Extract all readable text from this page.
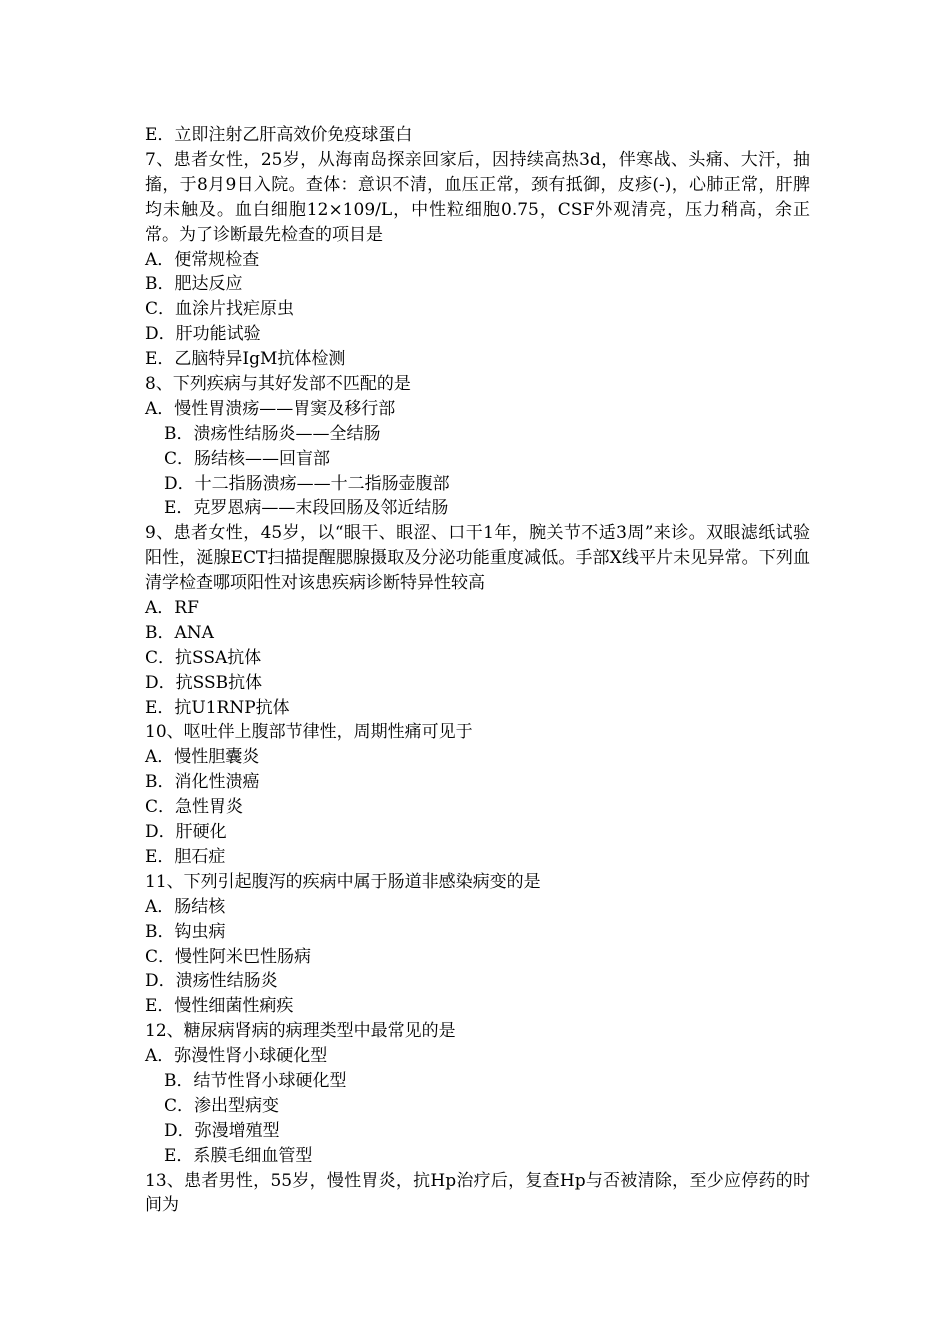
E．立即注射乙肝高效价免疫球蛋白

7、患者女性，25岁，从海南岛探亲回家后，因持续高热3d，伴寒战、头痛、大汗，抽搐，于8月9日入院。查体：意识不清，血压正常，颈有抵御，皮疹(-)，心肺正常，肝脾均未触及。血白细胞12×109/L，中性粒细胞0.75，CSF外观清亮，压力稍高，余正常。为了诊断最先检查的项目是

A．便常规检查

B．肥达反应

C．血涂片找疟原虫

D．肝功能试验

E．乙脑特异IgM抗体检测

8、下列疾病与其好发部不匹配的是

A．慢性胃溃疡——胃窦及移行部

B．溃疡性结肠炎——全结肠

C．肠结核——回盲部

D．十二指肠溃疡——十二指肠壶腹部

E．克罗恩病——末段回肠及邻近结肠

9、患者女性，45岁，以“眼干、眼涩、口干1年，腕关节不适3周”来诊。双眼滤纸试验阳性，涎腺ECT扫描提醒腮腺摄取及分泌功能重度减低。手部X线平片未见异常。下列血清学检查哪项阳性对该患疾病诊断特异性较高

A．RF

B．ANA

C．抗SSA抗体

D．抗SSB抗体

E．抗U1RNP抗体

10、呕吐伴上腹部节律性，周期性痛可见于

A．慢性胆囊炎

B．消化性溃癌

C．急性胃炎

D．肝硬化

E．胆石症

11、下列引起腹泻的疾病中属于肠道非感染病变的是

A．肠结核

B．钩虫病

C．慢性阿米巴性肠病

D．溃疡性结肠炎

E．慢性细菌性痢疾

12、糖尿病肾病的病理类型中最常见的是

A．弥漫性肾小球硬化型

B．结节性肾小球硬化型

C．渗出型病变

D．弥漫增殖型

E．系膜毛细血管型

13、患者男性，55岁，慢性胃炎，抗Hp治疗后，复查Hp与否被清除，至少应停药的时间为
